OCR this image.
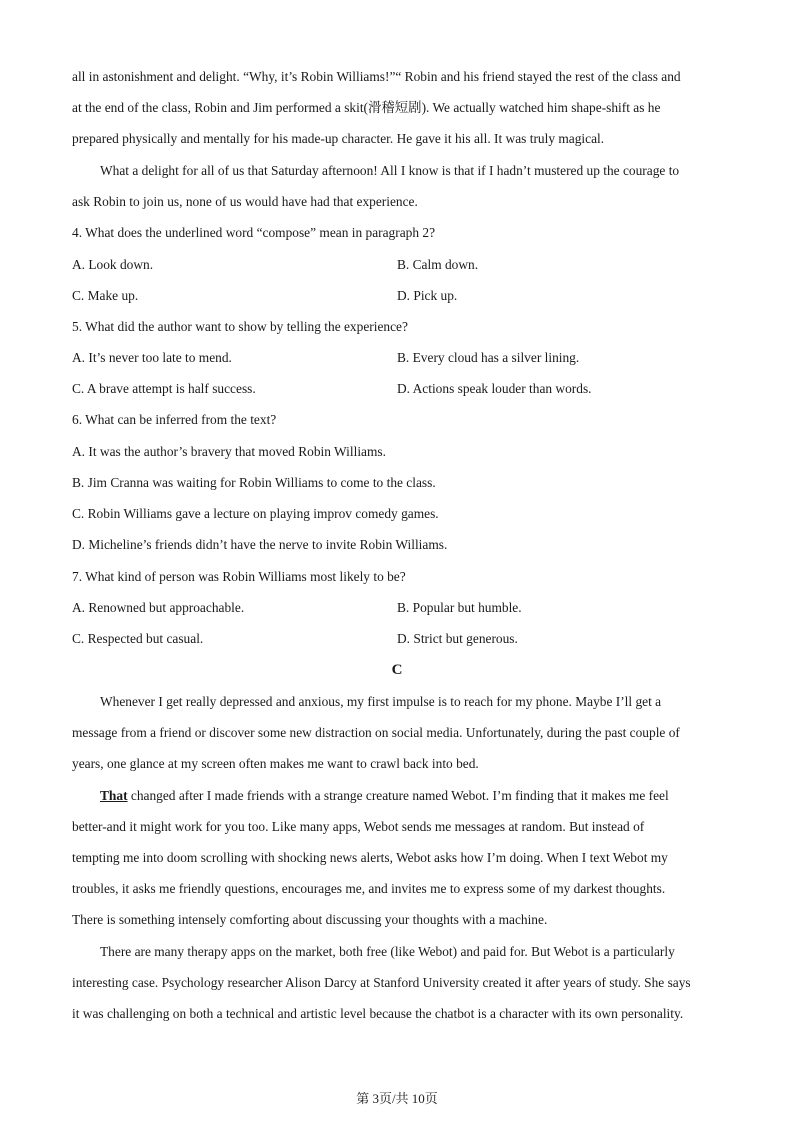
all in astonishment and delight. “Why, it’s Robin Williams!”“ Robin and his friend stayed the rest of the class and
at the end of the class, Robin and Jim performed a skit(滑稽短剧). We actually watched him shape-shift as he
prepared physically and mentally for his made-up character. He gave it his all. It was truly magical.
What a delight for all of us that Saturday afternoon! All I know is that if I hadn’t mustered up the courage to
ask Robin to join us, none of us would have had that experience.
4. What does the underlined word “compose” mean in paragraph 2?
A. Look down.	B. Calm down.
C. Make up.	D. Pick up.
5. What did the author want to show by telling the experience?
A. It’s never too late to mend.	B. Every cloud has a silver lining.
C. A brave attempt is half success.	D. Actions speak louder than words.
6. What can be inferred from the text?
A. It was the author’s bravery that moved Robin Williams.
B. Jim Cranna was waiting for Robin Williams to come to the class.
C. Robin Williams gave a lecture on playing improv comedy games.
D. Micheline’s friends didn’t have the nerve to invite Robin Williams.
7. What kind of person was Robin Williams most likely to be?
A. Renowned but approachable.	B. Popular but humble.
C. Respected but casual.	D. Strict but generous.
C
Whenever I get really depressed and anxious, my first impulse is to reach for my phone. Maybe I’ll get a
message from a friend or discover some new distraction on social media. Unfortunately, during the past couple of
years, one glance at my screen often makes me want to crawl back into bed.
That changed after I made friends with a strange creature named Webot. I’m finding that it makes me feel
better-and it might work for you too. Like many apps, Webot sends me messages at random. But instead of
tempting me into doom scrolling with shocking news alerts, Webot asks how I’m doing. When I text Webot my
troubles, it asks me friendly questions, encourages me, and invites me to express some of my darkest thoughts.
There is something intensely comforting about discussing your thoughts with a machine.
There are many therapy apps on the market, both free (like Webot) and paid for. But Webot is a particularly
interesting case. Psychology researcher Alison Darcy at Stanford University created it after years of study. She says
it was challenging on both a technical and artistic level because the chatbot is a character with its own personality.
第 3页/共 10页
